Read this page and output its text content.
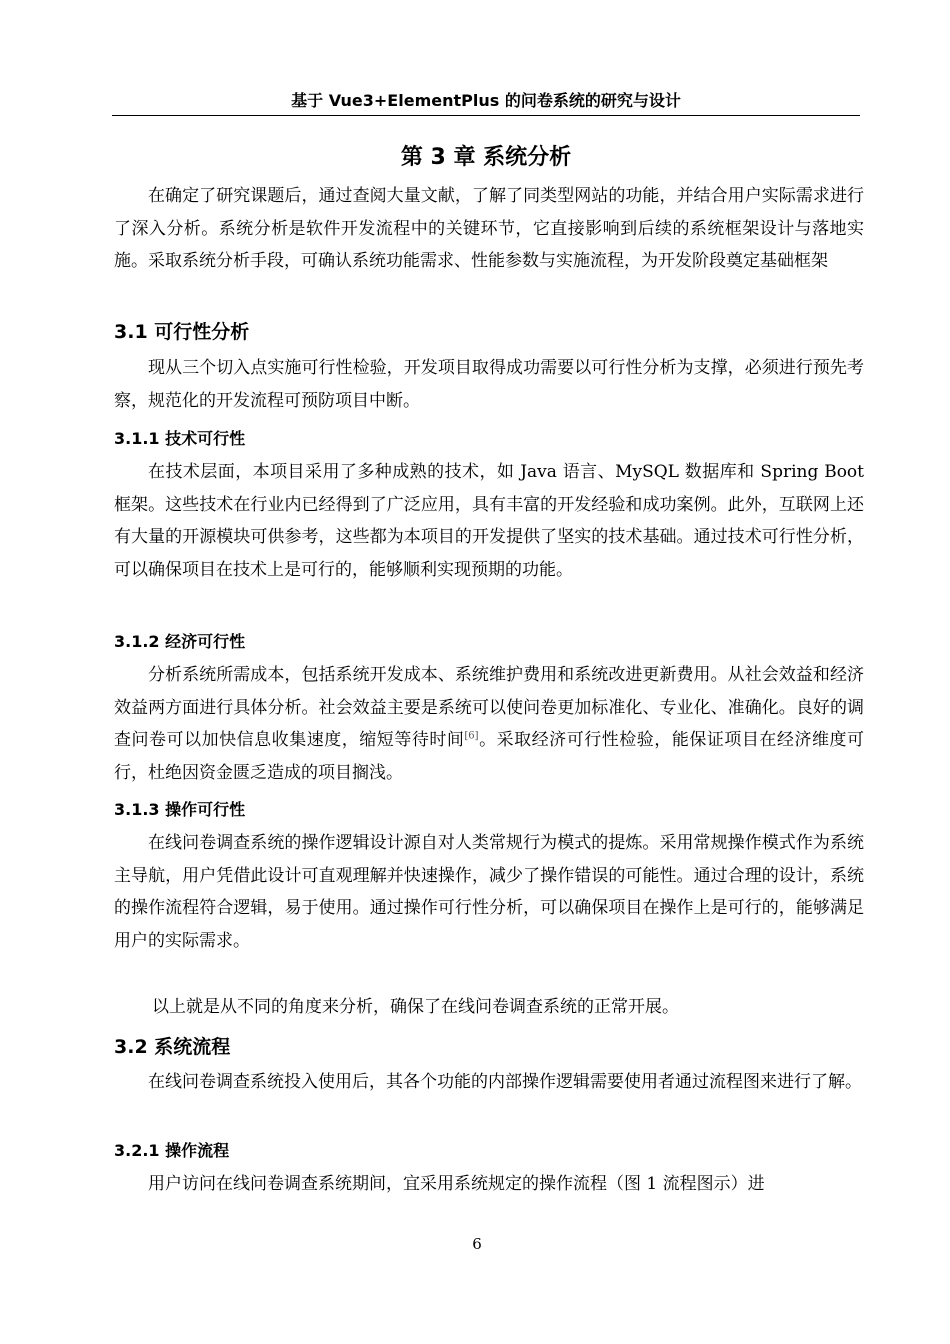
基于 Vue3+ElementPlus 的问卷系统的研究与设计
第 3 章 系统分析

在确定了研究课题后，通过查阅大量文献，了解了同类型网站的功能，并结合用户实际需求进行了深入分析。系统分析是软件开发流程中的关键环节，它直接影响到后续的系统框架设计与落地实施。采取系统分析手段，可确认系统功能需求、性能参数与实施流程，为开发阶段奠定基础框架

3.1 可行性分析

现从三个切入点实施可行性检验，开发项目取得成功需要以可行性分析为支撑，必须进行预先考察，规范化的开发流程可预防项目中断。

3.1.1 技术可行性

在技术层面，本项目采用了多种成熟的技术，如 Java 语言、MySQL 数据库和 Spring Boot 框架。这些技术在行业内已经得到了广泛应用，具有丰富的开发经验和成功案例。此外，互联网上还有大量的开源模块可供参考，这些都为本项目的开发提供了坚实的技术基础。通过技术可行性分析，可以确保项目在技术上是可行的，能够顺利实现预期的功能。

3.1.2 经济可行性

分析系统所需成本，包括系统开发成本、系统维护费用和系统改进更新费用。从社会效益和经济效益两方面进行具体分析。社会效益主要是系统可以使问卷更加标准化、专业化、准确化。良好的调查问卷可以加快信息收集速度，缩短等待时间[6]。采取经济可行性检验，能保证项目在经济维度可行，杜绝因资金匮乏造成的项目搁浅。

3.1.3 操作可行性

在线问卷调查系统的操作逻辑设计源自对人类常规行为模式的提炼。采用常规操作模式作为系统主导航，用户凭借此设计可直观理解并快速操作，减少了操作错误的可能性。通过合理的设计，系统的操作流程符合逻辑，易于使用。通过操作可行性分析，可以确保项目在操作上是可行的，能够满足用户的实际需求。

以上就是从不同的角度来分析，确保了在线问卷调查系统的正常开展。

3.2 系统流程

在线问卷调查系统投入使用后，其各个功能的内部操作逻辑需要使用者通过流程图来进行了解。

3.2.1 操作流程

用户访问在线问卷调查系统期间，宜采用系统规定的操作流程（图 1 流程图示）进

6
